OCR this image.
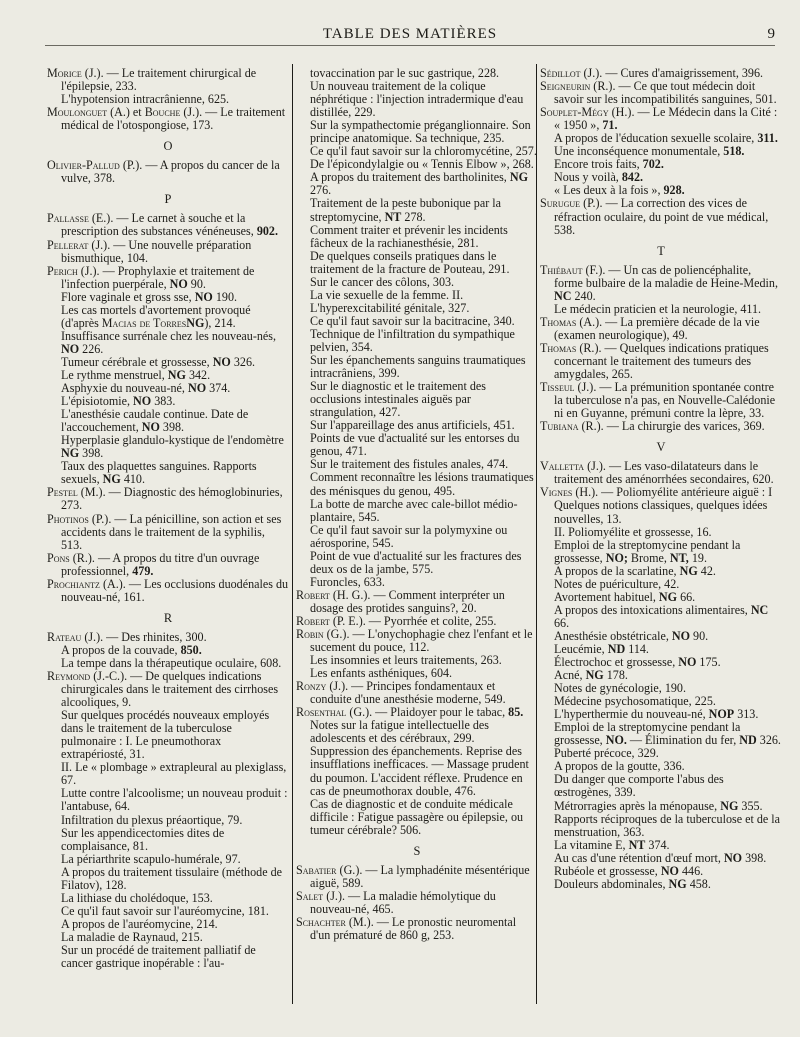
TABLE DES MATIÈRES	9

Morice (J.). — Le traitement chirurgical de l'épilepsie, 233.

L'hypotension intracrânienne, 625.

Moulonguet (A.) et Bouche (J.). — Le traitement médical de l'otospongiose, 173.

O

Olivier-Pallud (P.). — A propos du cancer de la vulve, 378.

P

Pallasse (E.). — Le carnet à souche et la prescription des substances vénéneuses, 902.

Pellerat (J.). — Une nouvelle préparation bismuthique, 104.

Perich (J.). — Prophylaxie et traitement de l'infection puerpérale, NO 90.

Flore vaginale et gross sse, NO 190.

Les cas mortels d'avortement provoqué (d'après Macias de TorresNG), 214.

Insuffisance surrénale chez les nouveau-nés, NO 226.

Tumeur cérébrale et grossesse, NO 326.

Le rythme menstruel, NG 342.

Asphyxie du nouveau-né, NO 374.

L'épisiotomie, NO 383.

L'anesthésie caudale continue. Date de l'accouchement, NO 398.

Hyperplasie glandulo-kystique de l'endomètre NG 398.

Taux des plaquettes sanguines. Rapports sexuels, NG 410.

Pestel (M.). — Diagnostic des hémoglobinuries, 273.

Photinos (P.). — La pénicilline, son action et ses accidents dans le traitement de la syphilis, 513.

Pons (R.). — A propos du titre d'un ouvrage professionnel, 479.

Prochiantz (A.). — Les occlusions duodénales du nouveau-né, 161.

R

Rateau (J.). — Des rhinites, 300.

A propos de la couvade, 850.

La tempe dans la thérapeutique oculaire, 608.

Reymond (J.-C.). — De quelques indications chirurgicales dans le traitement des cirrhoses alcooliques, 9.

Sur quelques procédés nouveaux employés dans le traitement de la tuberculose pulmonaire : I. Le pneumothorax extrapériosté, 31.

II. Le « plombage » extrapleural au plexiglass, 67.

Lutte contre l'alcoolisme; un nouveau produit : l'antabuse, 64.

Infiltration du plexus préaortique, 79.

Sur les appendicectomies dites de complaisance, 81.

La périarthrite scapulo-humérale, 97.

A propos du traitement tissulaire (méthode de Filatov), 128.

La lithiase du cholédoque, 153.

Ce qu'il faut savoir sur l'auréomycine, 181.

A propos de l'auréomycine, 214.

La maladie de Raynaud, 215.

Sur un procédé de traitement palliatif de cancer gastrique inopérable : l'au-

tovaccination par le suc gastrique, 228.

Un nouveau traitement de la colique néphrétique : l'injection intradermique d'eau distillée, 229.

Sur la sympathectomie préganglionnaire. Son principe anatomique. Sa technique, 235.

Ce qu'il faut savoir sur la chloromycétine, 257.

De l'épicondylalgie ou « Tennis Elbow », 268.

A propos du traitement des bartholinites, NG 276.

Traitement de la peste bubonique par la streptomycine, NT 278.

Comment traiter et prévenir les incidents fâcheux de la rachianesthésie, 281.

De quelques conseils pratiques dans le traitement de la fracture de Pouteau, 291.

Sur le cancer des côlons, 303.

La vie sexuelle de la femme. II. L'hyperexcitabilité génitale, 327.

Ce qu'il faut savoir sur la bacitracine, 340.

Technique de l'infiltration du sympathique pelvien, 354.

Sur les épanchements sanguins traumatiques intracrâniens, 399.

Sur le diagnostic et le traitement des occlusions intestinales aiguës par strangulation, 427.

Sur l'appareillage des anus artificiels, 451.

Points de vue d'actualité sur les entorses du genou, 471.

Sur le traitement des fistules anales, 474.

Comment reconnaître les lésions traumatiques des ménisques du genou, 495.

La botte de marche avec cale-billot médio-plantaire, 545.

Ce qu'il faut savoir sur la polymyxine ou aérosporine, 545.

Point de vue d'actualité sur les fractures des deux os de la jambe, 575.

Furoncles, 633.

Robert (H. G.). — Comment interpréter un dosage des protides sanguins?, 20.

Robert (P. E.). — Pyorrhée et colite, 255.

Robin (G.). — L'onychophagie chez l'enfant et le sucement du pouce, 112.

Les insomnies et leurs traitements, 263.

Les enfants asthéniques, 604.

Ronzy (J.). — Principes fondamentaux et conduite d'une anesthésie moderne, 549.

Rosenthal (G.). — Plaidoyer pour le tabac, 85.

Notes sur la fatigue intellectuelle des adolescents et des cérébraux, 299.

Suppression des épanchements. Reprise des insufflations inefficaces. — Massage prudent du poumon. L'accident réflexe. Prudence en cas de pneumothorax double, 476.

Cas de diagnostic et de conduite médicale difficile : Fatigue passagère ou épilepsie, ou tumeur cérébrale? 506.

S

Sabatier (G.). — La lymphadénite mésentérique aiguë, 589.

Salet (J.). — La maladie hémolytique du nouveau-né, 465.

Schachter (M.). — Le pronostic neuromental d'un prématuré de 860 g, 253.

Sédillot (J.). — Cures d'amaigrissement, 396.

Seigneurin (R.). — Ce que tout médecin doit savoir sur les incompatibilités sanguines, 501.

Souplet-Mégy (H.). — Le Médecin dans la Cité :

« 1950 », 71.

A propos de l'éducation sexuelle scolaire, 311.

Une inconséquence monumentale, 518.

Encore trois faits, 702.

Nous y voilà, 842.

« Les deux à la fois », 928.

Surugue (P.). — La correction des vices de réfraction oculaire, du point de vue médical, 538.

T

Thiébaut (F.). — Un cas de poliencéphalite, forme bulbaire de la maladie de Heine-Medin, NC 240.

Le médecin praticien et la neurologie, 411.

Thomas (A.). — La première décade de la vie (examen neurologique), 49.

Thomas (R.). — Quelques indications pratiques concernant le traitement des tumeurs des amygdales, 265.

Tisseul (J.). — La prémunition spontanée contre la tuberculose n'a pas, en Nouvelle-Calédonie ni en Guyanne, prémuni contre la lèpre, 33.

Tubiana (R.). — La chirurgie des varices, 369.

V

Valletta (J.). — Les vaso-dilatateurs dans le traitement des aménorrhées secondaires, 620.

Vignes (H.). — Poliomyélite antérieure aiguë : I Quelques notions classiques, quelques idées nouvelles, 13.

II. Poliomyélite et grossesse, 16.

Emploi de la streptomycine pendant la grossesse, NO; Brome, NT, 19.

A propos de la scarlatine, NG 42.

Notes de puériculture, 42.

Avortement habituel, NG 66.

A propos des intoxications alimentaires, NC 66.

Anesthésie obstétricale, NO 90.

Leucémie, ND 114.

Électrochoc et grossesse, NO 175.

Acné, NG 178.

Notes de gynécologie, 190.

Médecine psychosomatique, 225.

L'hyperthermie du nouveau-né, NOP 313.

Emploi de la streptomycine pendant la grossesse, NO. — Élimination du fer, ND 326.

Puberté précoce, 329.

A propos de la goutte, 336.

Du danger que comporte l'abus des œstrogènes, 339.

Métrorragies après la ménopause, NG 355.

Rapports réciproques de la tuberculose et de la menstruation, 363.

La vitamine E, NT 374.

Au cas d'une rétention d'œuf mort, NO 398.

Rubéole et grossesse, NO 446.

Douleurs abdominales, NG 458.
